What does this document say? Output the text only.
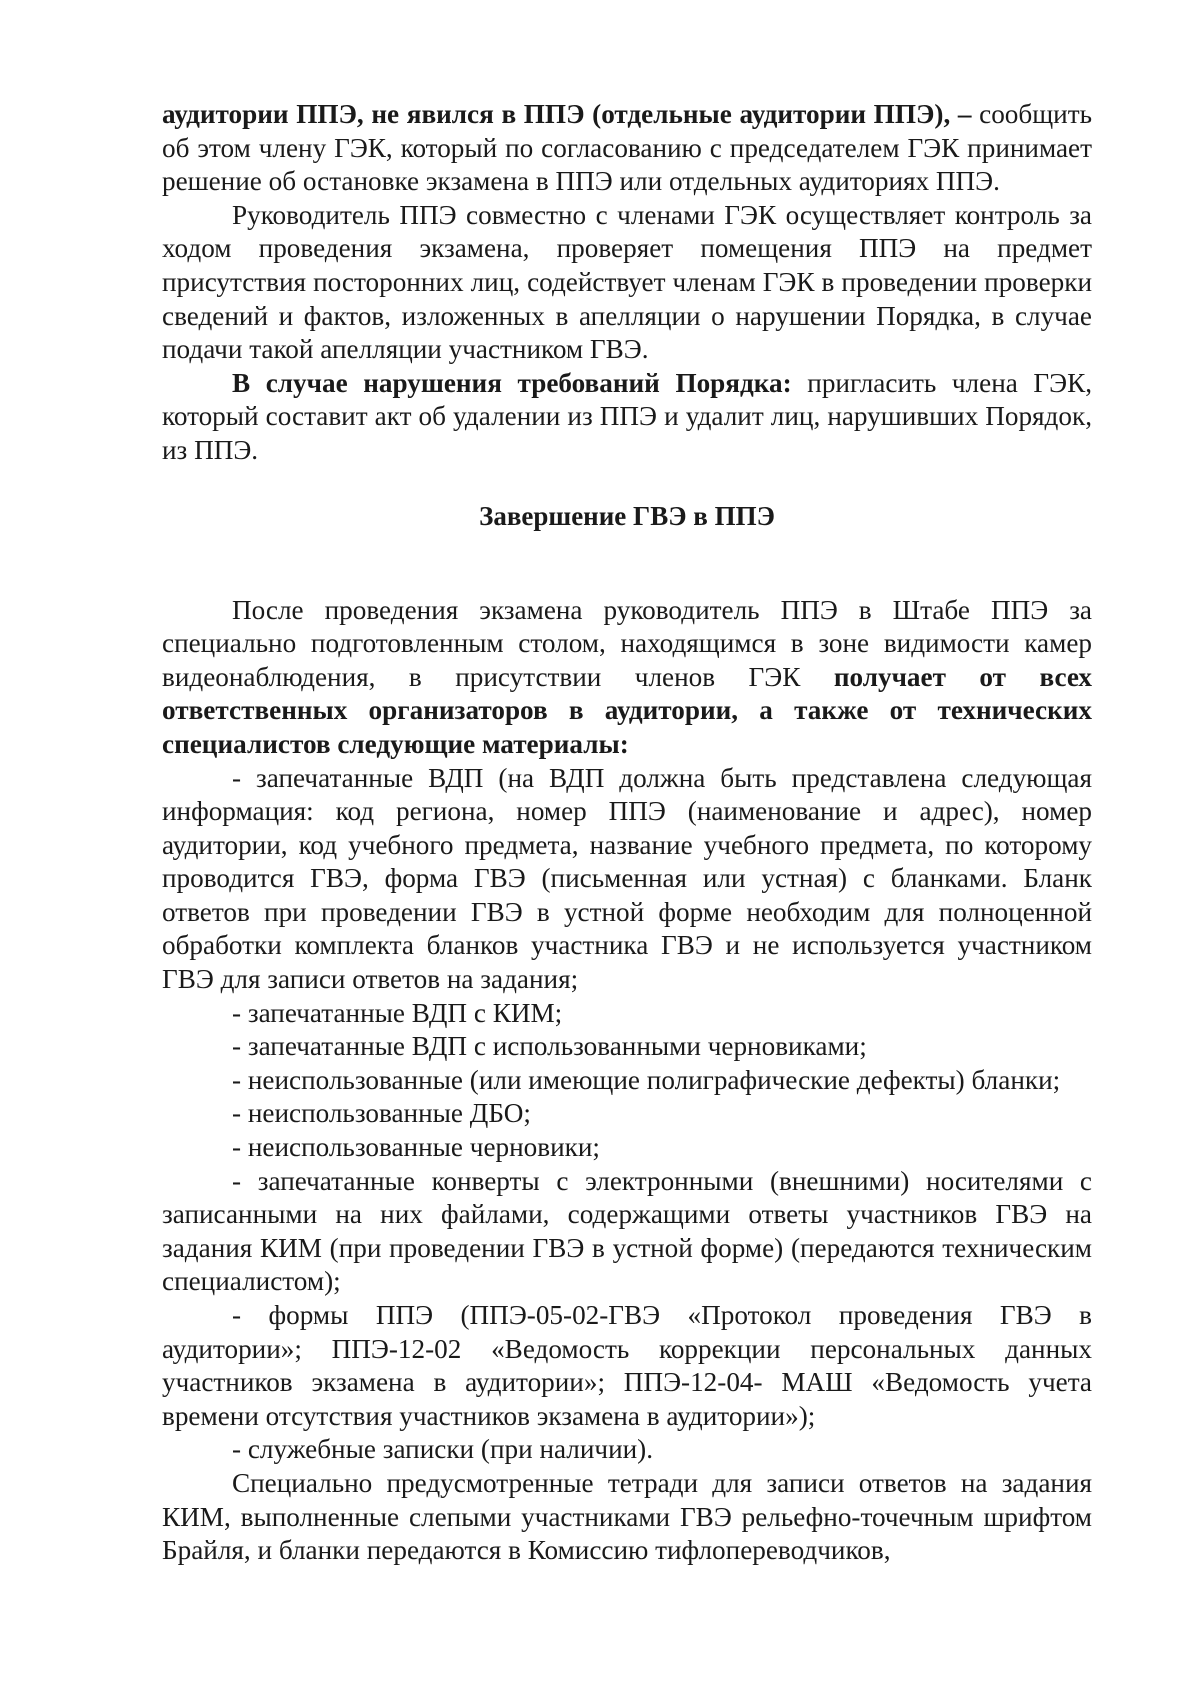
аудитории ППЭ, не явился в ППЭ (отдельные аудитории ППЭ), – сообщить об этом члену ГЭК, который по согласованию с председателем ГЭК принимает решение об остановке экзамена в ППЭ или отдельных аудиториях ППЭ.

Руководитель ППЭ совместно с членами ГЭК осуществляет контроль за ходом проведения экзамена, проверяет помещения ППЭ на предмет присутствия посторонних лиц, содействует членам ГЭК в проведении проверки сведений и фактов, изложенных в апелляции о нарушении Порядка, в случае подачи такой апелляции участником ГВЭ.

В случае нарушения требований Порядка: пригласить члена ГЭК, который составит акт об удалении из ППЭ и удалит лиц, нарушивших Порядок, из ППЭ.

Завершение ГВЭ в ППЭ

После проведения экзамена руководитель ППЭ в Штабе ППЭ за специально подготовленным столом, находящимся в зоне видимости камер видеонаблюдения, в присутствии членов ГЭК получает от всех ответственных организаторов в аудитории, а также от технических специалистов следующие материалы:

- запечатанные ВДП (на ВДП должна быть представлена следующая информация: код региона, номер ППЭ (наименование и адрес), номер аудитории, код учебного предмета, название учебного предмета, по которому проводится ГВЭ, форма ГВЭ (письменная или устная) с бланками. Бланк ответов при проведении ГВЭ в устной форме необходим для полноценной обработки комплекта бланков участника ГВЭ и не используется участником ГВЭ для записи ответов на задания;
- запечатанные ВДП с КИМ;
- запечатанные ВДП с использованными черновиками;
- неиспользованные (или имеющие полиграфические дефекты) бланки;
- неиспользованные ДБО;
- неиспользованные черновики;
- запечатанные конверты с электронными (внешними) носителями с записанными на них файлами, содержащими ответы участников ГВЭ на задания КИМ (при проведении ГВЭ в устной форме) (передаются техническим специалистом);
- формы ППЭ (ППЭ-05-02-ГВЭ «Протокол проведения ГВЭ в аудитории»; ППЭ-12-02 «Ведомость коррекции персональных данных участников экзамена в аудитории»; ППЭ-12-04- МАШ «Ведомость учета времени отсутствия участников экзамена в аудитории»);
- служебные записки (при наличии).

Специально предусмотренные тетради для записи ответов на задания КИМ, выполненные слепыми участниками ГВЭ рельефно-точечным шрифтом Брайля, и бланки передаются в Комиссию тифлопереводчиков,
